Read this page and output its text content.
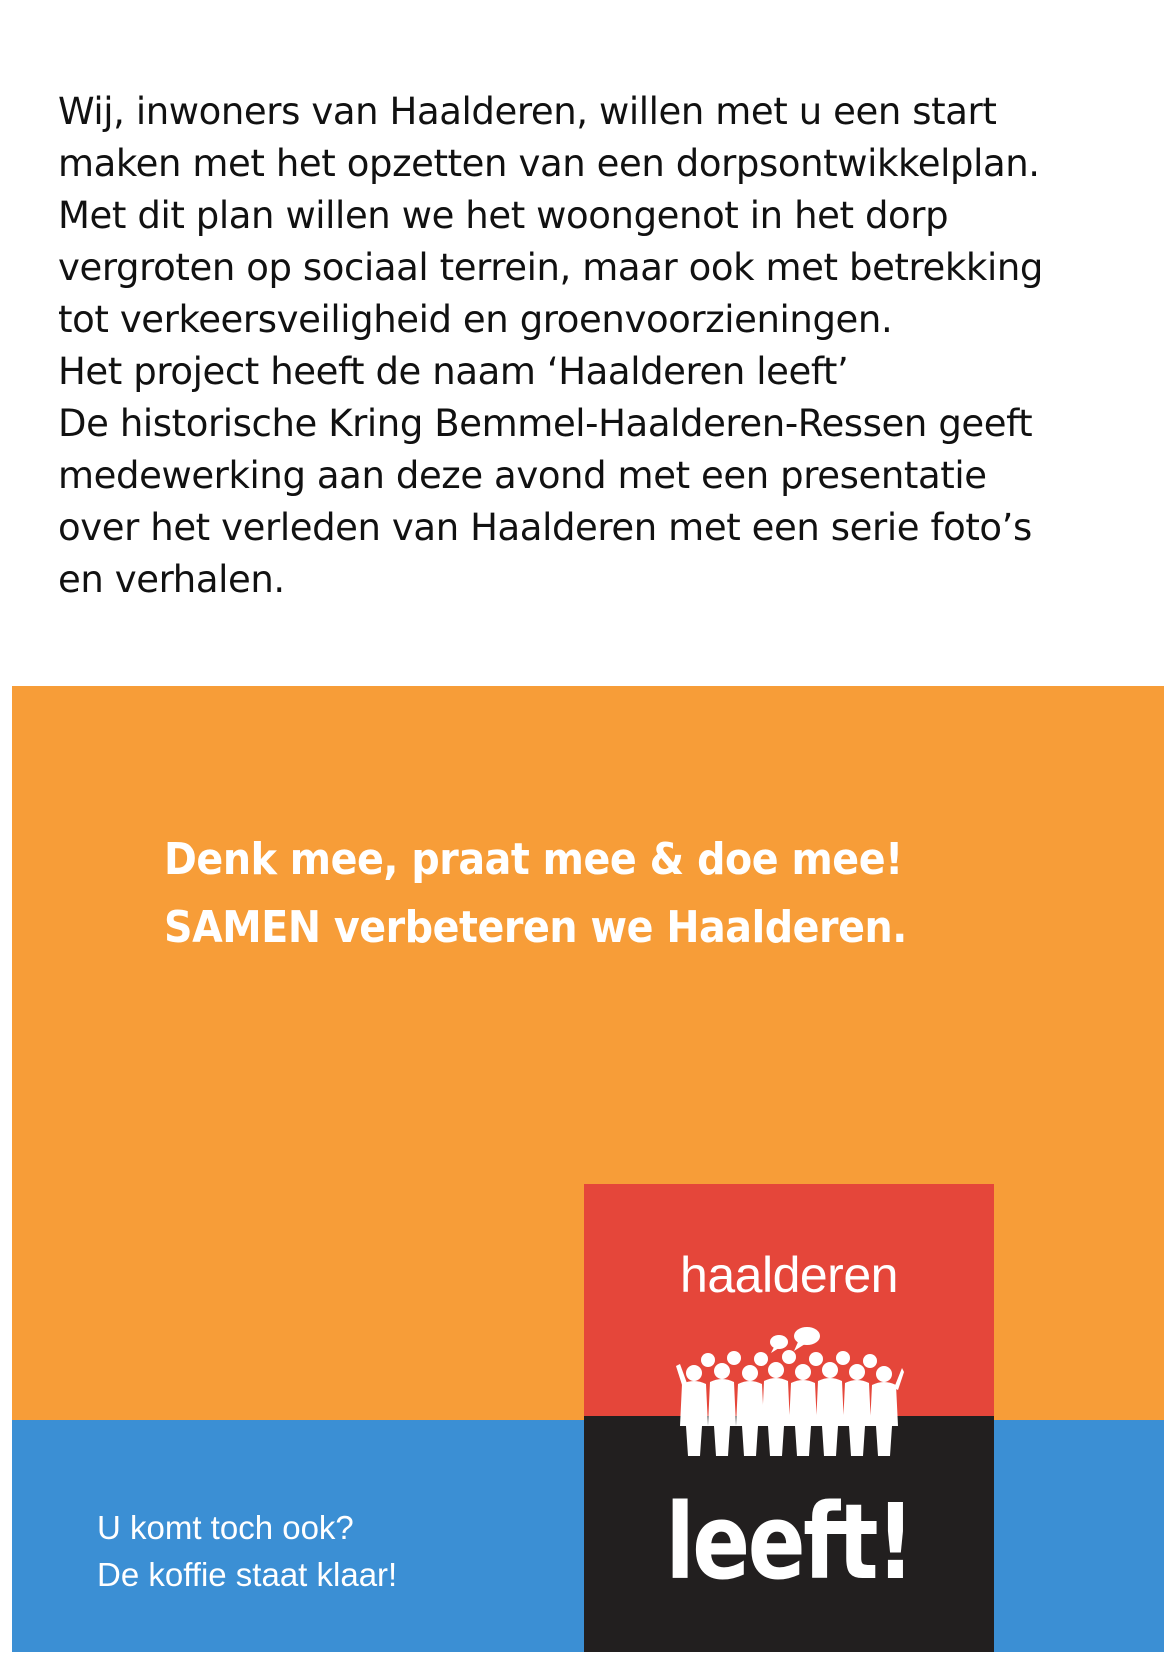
Wij, inwoners van Haalderen, willen met u een start
maken met het opzetten van een dorpsontwikkelplan.
Met dit plan willen we het woongenot in het dorp
vergroten op sociaal terrein, maar ook met betrekking
tot verkeersveiligheid en groenvoorzieningen.
Het project heeft de naam ‘Haalderen leeft’
De historische Kring Bemmel-Haalderen-Ressen geeft
medewerking aan deze avond met een presentatie
over het verleden van Haalderen met een serie foto’s
en verhalen.
Denk mee, praat mee & doe mee!
SAMEN verbeteren we Haalderen.
U komt toch ook?
De koffie staat klaar!
haalderen
leeft!
